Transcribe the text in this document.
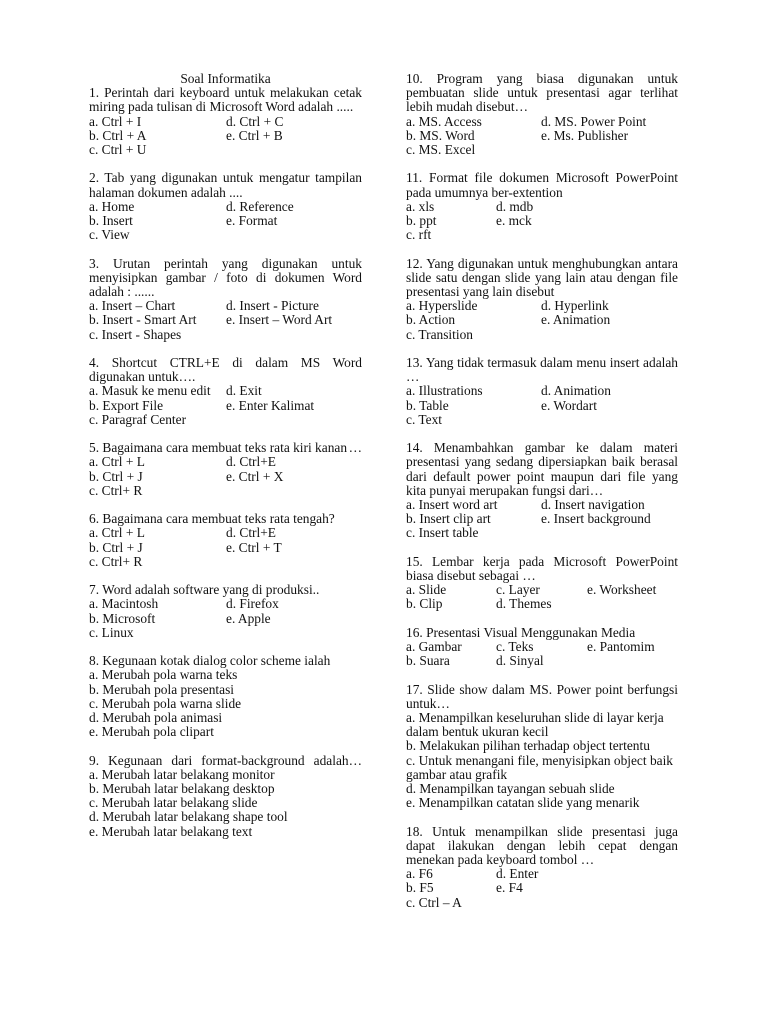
Soal Informatika

1. Perintah dari keyboard untuk melakukan cetak miring pada tulisan di Microsoft Word adalah .....
a. Ctrl + I	d. Ctrl + C
b. Ctrl + A	e. Ctrl + B
c. Ctrl + U
2. Tab yang digunakan untuk mengatur tampilan halaman dokumen adalah ....
a. Home	d. Reference
b. Insert	e. Format
c. View
3. Urutan perintah yang digunakan untuk menyisipkan gambar / foto di dokumen Word adalah : ......
a. Insert – Chart	d. Insert - Picture
b. Insert - Smart Art	e. Insert – Word Art
c. Insert - Shapes
4. Shortcut CTRL+E di dalam MS Word digunakan untuk….
a. Masuk ke menu edit	d. Exit
b. Export File	e. Enter Kalimat
c. Paragraf Center
5. Bagaimana cara membuat teks rata kiri kanan …
a. Ctrl + L	d. Ctrl+E
b. Ctrl + J	e. Ctrl + X
c. Ctrl+ R
6. Bagaimana cara membuat teks rata tengah?
a. Ctrl + L	d. Ctrl+E
b. Ctrl + J	e. Ctrl + T
c. Ctrl+ R
7. Word adalah software yang di produksi..
a. Macintosh	d. Firefox
b. Microsoft	e. Apple
c. Linux
8. Kegunaan kotak dialog color scheme ialah
a. Merubah pola warna teks
b. Merubah pola presentasi
c. Merubah pola warna slide
d. Merubah pola animasi
e. Merubah pola clipart
9. Kegunaan dari format-background adalah…
a. Merubah latar belakang monitor
b. Merubah latar belakang desktop
c. Merubah latar belakang slide
d. Merubah latar belakang shape tool
e. Merubah latar belakang text
10. Program yang biasa digunakan untuk pembuatan slide untuk presentasi agar terlihat lebih mudah disebut…
a. MS. Access	d. MS. Power Point
b. MS. Word	e. Ms. Publisher
c. MS. Excel
11. Format file dokumen Microsoft PowerPoint pada umumnya ber-extention
a. xls	d. mdb
b. ppt	e. mck
c. rft
12. Yang digunakan untuk menghubungkan antara slide satu dengan slide yang lain atau dengan file presentasi yang lain disebut
a. Hyperslide	d. Hyperlink
b. Action	e. Animation
c. Transition
13. Yang tidak termasuk dalam menu insert adalah …
a. Illustrations	d. Animation
b. Table	e. Wordart
c. Text
14. Menambahkan gambar ke dalam materi presentasi yang sedang dipersiapkan baik berasal dari default power point maupun dari file yang kita punyai merupakan fungsi dari…
a. Insert word art	d. Insert navigation
b. Insert clip art	e. Insert background
c. Insert table
15. Lembar kerja pada Microsoft PowerPoint biasa disebut sebagai …
a. Slide	c. Layer	e. Worksheet
b. Clip	d. Themes
16. Presentasi Visual Menggunakan Media
a. Gambar	c. Teks	e. Pantomim
b. Suara	d. Sinyal
17. Slide show dalam MS. Power point berfungsi untuk…
a. Menampilkan keseluruhan slide di layar kerja dalam bentuk ukuran kecil
b. Melakukan pilihan terhadap object tertentu
c. Untuk menangani file, menyisipkan object baik gambar atau grafik
d. Menampilkan tayangan sebuah slide
e. Menampilkan catatan slide yang menarik
18. Untuk menampilkan slide presentasi juga dapat ilakukan dengan lebih cepat dengan menekan pada keyboard tombol …
a. F6	d. Enter
b. F5	e. F4
c. Ctrl – A
